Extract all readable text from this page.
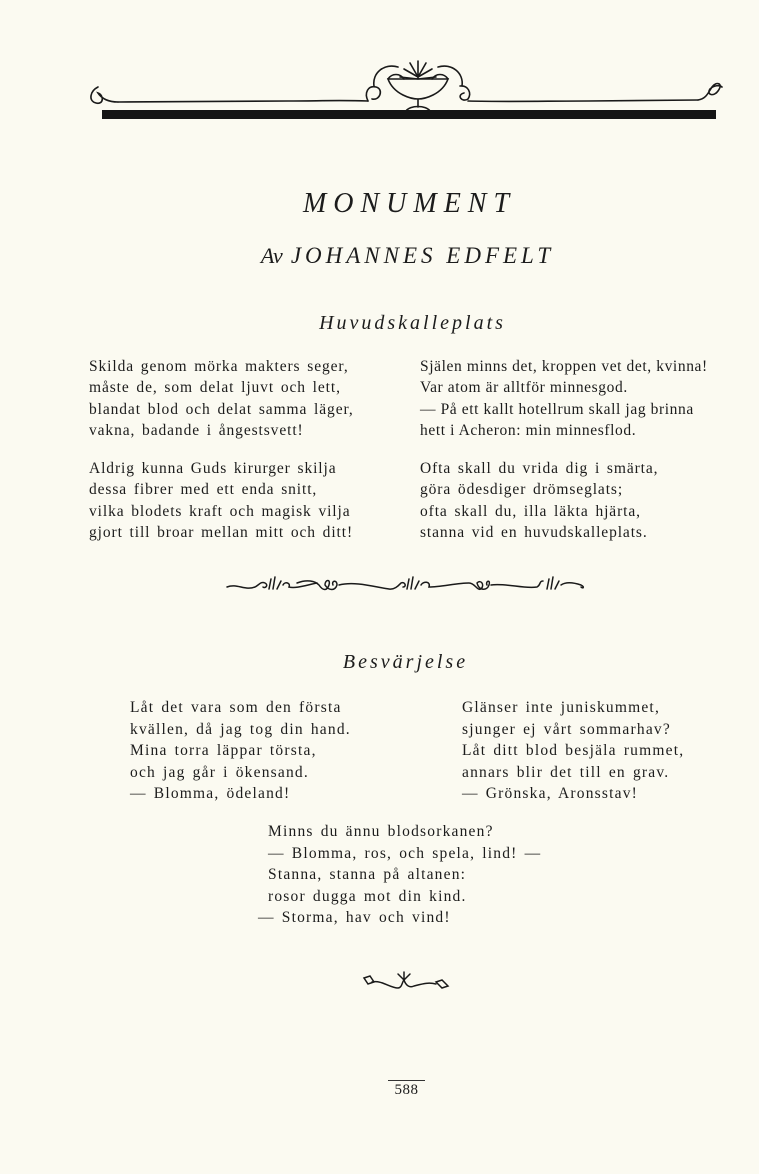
MONUMENT
Av JOHANNES EDFELT
Huvudskalleplats
Skilda genom mörka makters seger,
måste de, som delat ljuvt och lett,
blandat blod och delat samma läger,
vakna, badande i ångestsvett!
Aldrig kunna Guds kirurger skilja
dessa fibrer med ett enda snitt,
vilka blodets kraft och magisk vilja
gjort till broar mellan mitt och ditt!
Själen minns det, kroppen vet det, kvinna!
Var atom är alltför minnesgod.
— På ett kallt hotellrum skall jag brinna
hett i Acheron: min minnesflod.
Ofta skall du vrida dig i smärta,
göra ödesdiger drömseglats;
ofta skall du, illa läkta hjärta,
stanna vid en huvudskalleplats.
Besvärjelse
Låt det vara som den första
kvällen, då jag tog din hand.
Mina torra läppar törsta,
och jag går i ökensand.
— Blomma, ödeland!
Glänser inte juniskummet,
sjunger ej vårt sommarhav?
Låt ditt blod besjäla rummet,
annars blir det till en grav.
— Grönska, Aronsstav!
Minns du ännu blodsorkanen?
— Blomma, ros, och spela, lind! —
Stanna, stanna på altanen:
rosor dugga mot din kind.
— Storma, hav och vind!
588
